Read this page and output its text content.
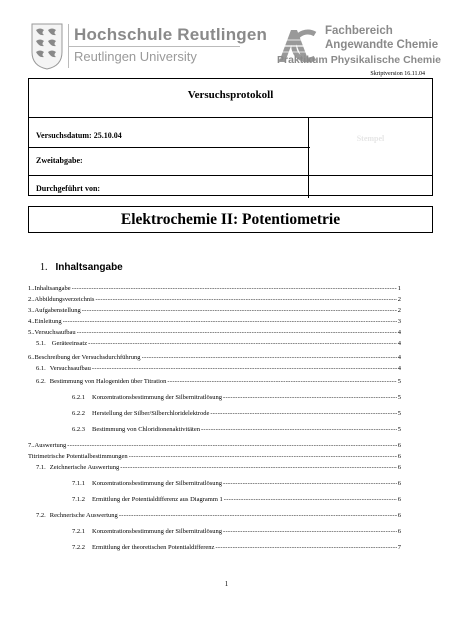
Hochschule Reutlingen
Reutlingen University
Fachbereich
Angewandte Chemie
Praktikum Physikalische Chemie
Skriptversion 16.11.04
Versuchsprotokoll
Stempel
Versuchsdatum: 25.10.04
Zweitabgabe:
Durchgeführt von:
Elektrochemie II: Potentiometrie
1. Inhaltsangabe
1.. Inhaltsangabe -----	1
2.. Abbildungsverzeichnis -----	2
3.. Aufgabenstellung -----	2
4.. Einleitung -----	3
5.. Versuchsaufbau -----	4
5.1. Geräteeinsatz -----	4
6.. Beschreibung der Versuchsdurchführung -----	4
6.1. Versuchsaufbau -----	4
6.2. Bestimmung von Halogeniden über Titration -----	5
6.2.1 Konzentrationsbestimmung der Silbernitratlösung -----	5
6.2.2 Herstellung der Silber/Silberchloridelektrode -----	5
6.2.3 Bestimmung von Chloridionenaktivitäten -----	5
7.. Auswertung -----	6
Titrimetrische Potentialbestimmungen -----	6
7.1. Zeichnerische Auswertung -----	6
7.1.1 Konzentrationsbestimmung der Silbernitratlösung -----	6
7.1.2 Ermittlung der Potentialdifferenz aus Diagramm 1 -----	6
7.2. Rechnerische Auswertung -----	6
7.2.1 Konzentrationsbestimmung der Silbernitratlösung -----	6
7.2.2 Ermittlung der theoretischen Potentialdifferenz -----	7
1
